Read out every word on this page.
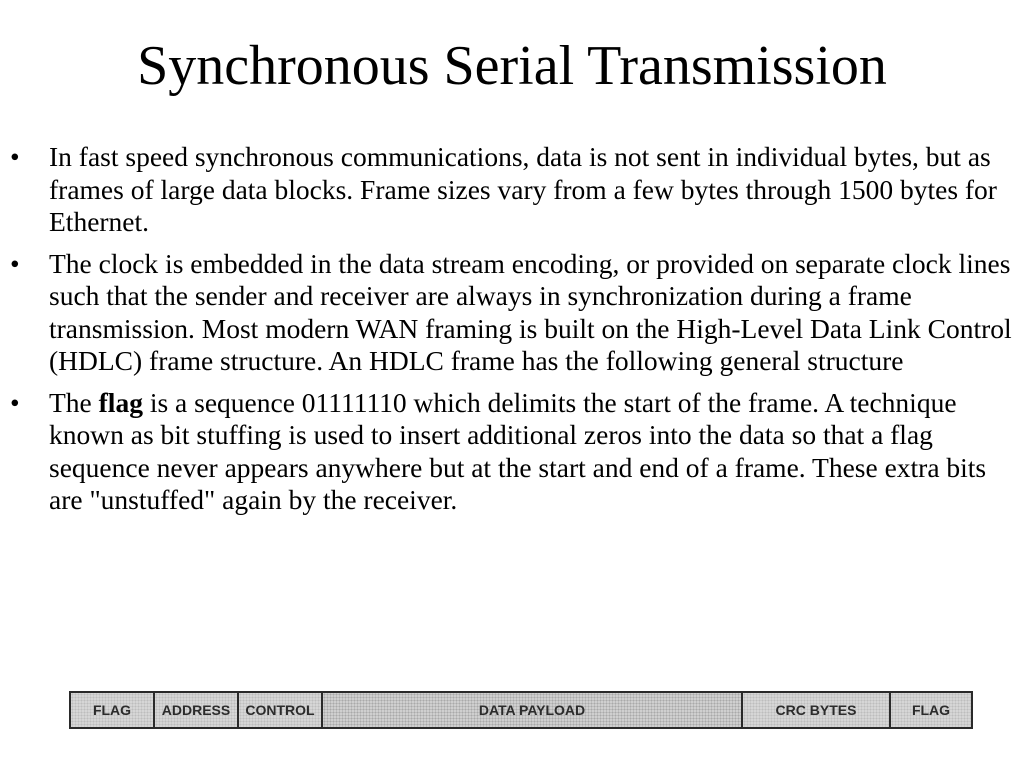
Synchronous Serial Transmission
•	In fast speed synchronous communications, data is not sent in individual bytes, but as frames of large data blocks. Frame sizes vary from a few bytes through 1500 bytes for Ethernet.
•	The clock is embedded in the data stream encoding, or provided on separate clock lines such that the sender and receiver are always in synchronization during a frame transmission. Most modern WAN framing is built on the High-Level Data Link Control (HDLC) frame structure. An HDLC frame has the following general structure
•	The flag is a sequence 01111110 which delimits the start of the frame. A technique known as bit stuffing is used to insert additional zeros into the data so that a flag sequence never appears anywhere but at the start and end of a frame. These extra bits are "unstuffed" again by the receiver.
FLAG	ADDRESS	CONTROL	DATA PAYLOAD	CRC BYTES	FLAG
